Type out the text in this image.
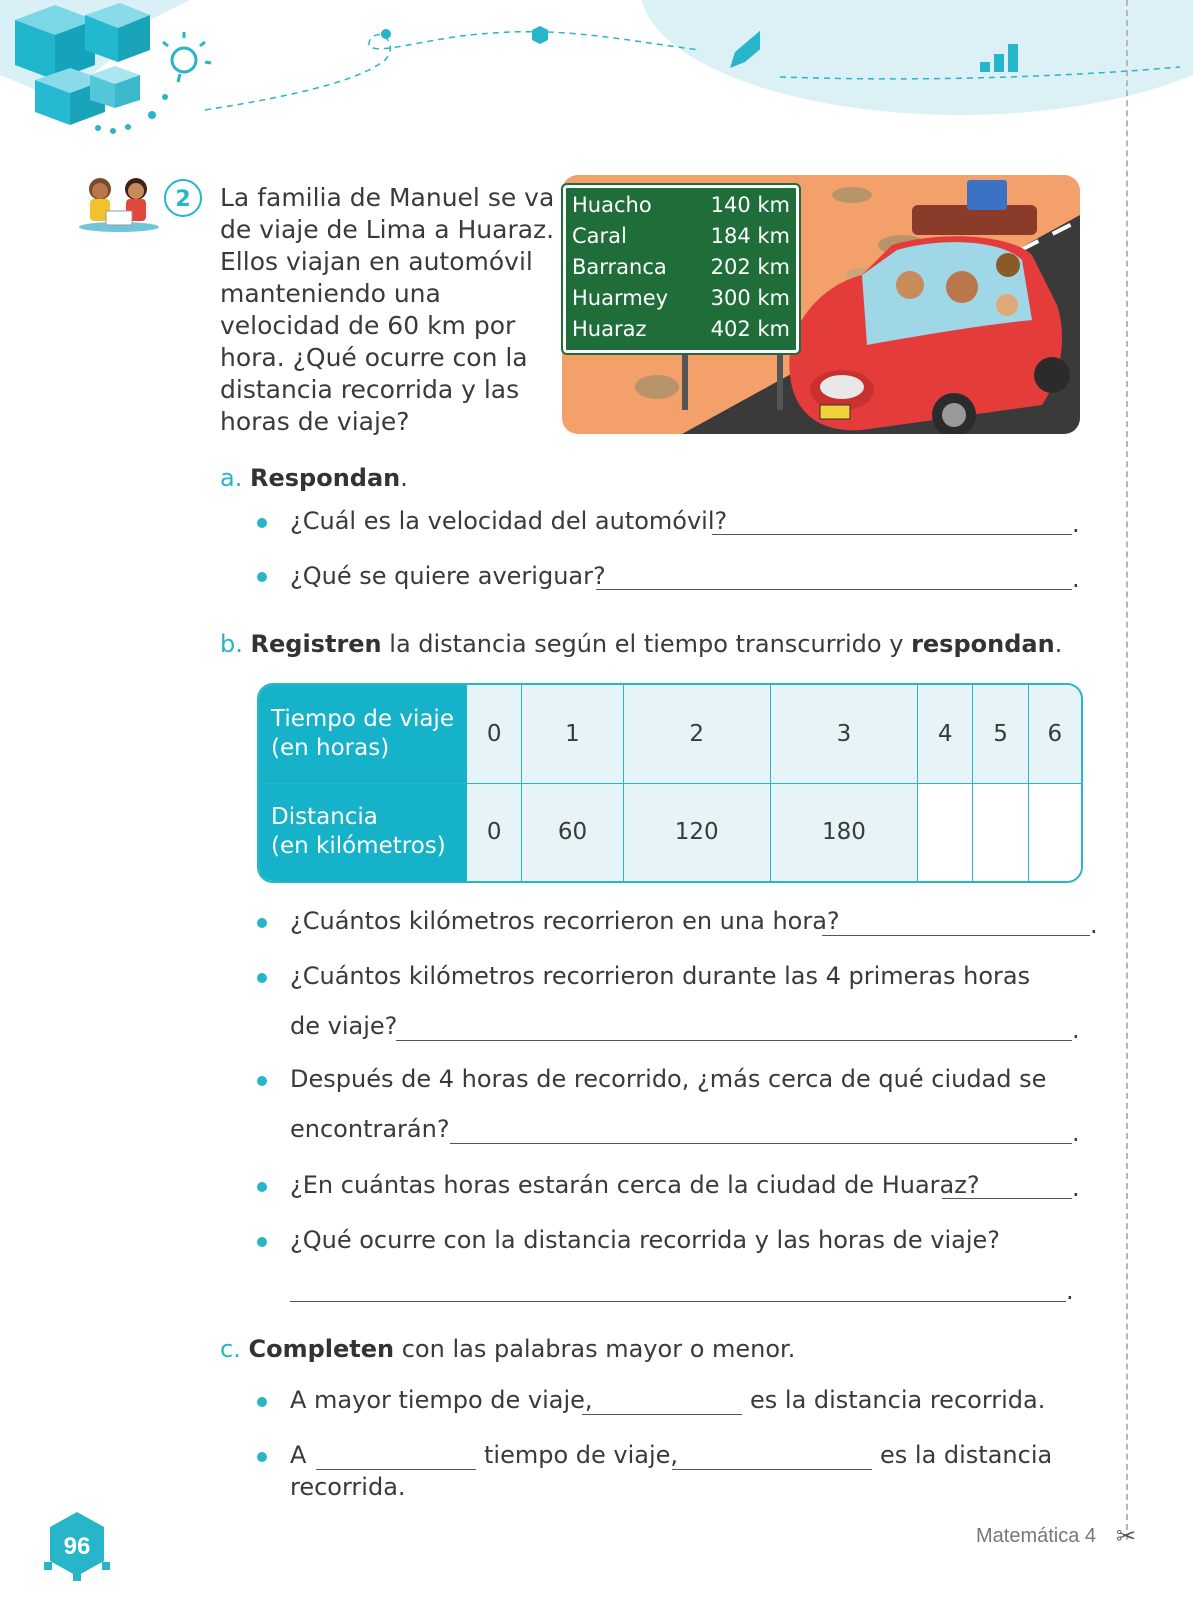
2	La familia de Manuel se va de viaje de Lima a Huaraz. Ellos viajan en automóvil manteniendo una velocidad de 60 km por hora. ¿Qué ocurre con la distancia recorrida y las horas de viaje?
Huacho	140 km
Caral	184 km
Barranca 202 km
Huarmey 300 km
Huaraz	402 km
a. Respondan.
¿Cuál es la velocidad del automóvil?	.
¿Qué se quiere averiguar?	.
b. Registren la distancia según el tiempo transcurrido y respondan.
Tiempo de viaje
(en horas)	0	1	2	3	4	5	6
Distancia
(en kilómetros)	0	60	120	180			
¿Cuántos kilómetros recorrieron en una hora?	.
¿Cuántos kilómetros recorrieron durante las 4 primeras horas
de viaje?	.
Después de 4 horas de recorrido, ¿más cerca de qué ciudad se
encontrarán?	.
¿En cuántas horas estarán cerca de la ciudad de Huaraz?	.
¿Qué ocurre con la distancia recorrida y las horas de viaje?
.
c. Completen con las palabras mayor o menor.
A mayor tiempo de viaje,	es la distancia recorrida.
A	tiempo de viaje,	es la distancia
recorrida.
96	Matemática 4 ✂
